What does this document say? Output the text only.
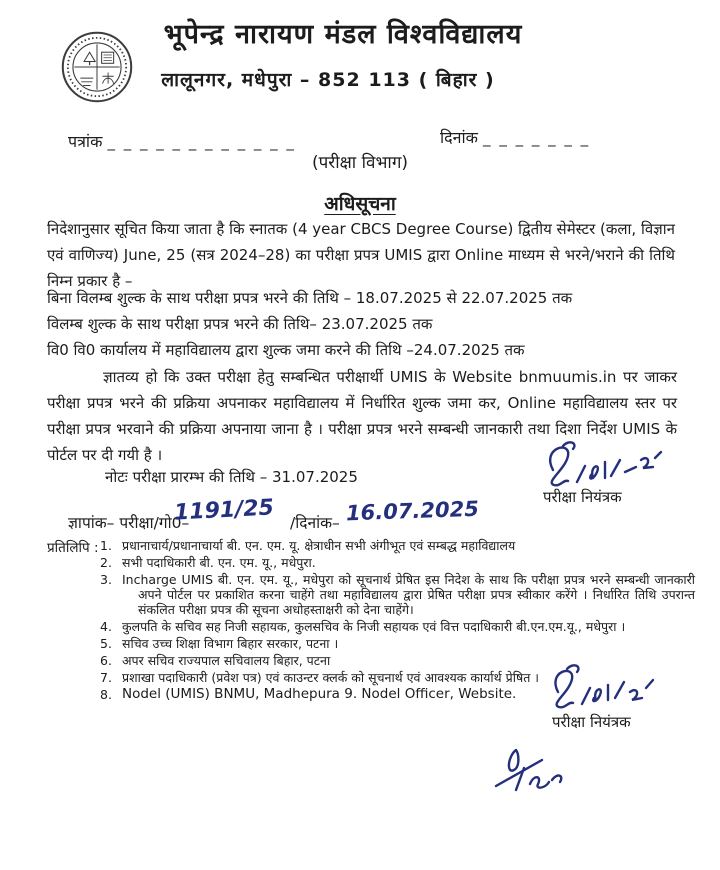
भूपेन्द्र नारायण मंडल विश्वविद्यालय
लालूनगर, मधेपुरा – 852 113 ( बिहार )
पत्रांक _ _ _ _ _ _ _ _ _ _ _ _	दिनांक _ _ _ _ _ _ _
(परीक्षा विभाग)
अधिसूचना
निदेशानुसार सूचित किया जाता है कि स्नातक (4 year CBCS Degree Course) द्वितीय सेमेस्टर (कला, विज्ञान एवं वाणिज्य) June, 25 (सत्र 2024–28) का परीक्षा प्रपत्र UMIS द्वारा Online माध्यम से भरने/भराने की तिथि निम्न प्रकार है –
बिना विलम्ब शुल्क के साथ परीक्षा प्रपत्र भरने की तिथि – 18.07.2025 से 22.07.2025 तक
विलम्ब शुल्क के साथ परीक्षा प्रपत्र भरने की तिथि– 23.07.2025 तक
वि0 वि0 कार्यालय में महाविद्यालय द्वारा शुल्क जमा करने की तिथि –24.07.2025 तक
ज्ञातव्य हो कि उक्त परीक्षा हेतु सम्बन्धित परीक्षार्थी UMIS के Website bnmuumis.in पर जाकर परीक्षा प्रपत्र भरने की प्रक्रिया अपनाकर महाविद्यालय में निर्धारित शुल्क जमा कर, Online महाविद्यालय स्तर पर परीक्षा प्रपत्र भरवाने की प्रक्रिया अपनाया जाना है । परीक्षा प्रपत्र भरने सम्बन्धी जानकारी तथा दिशा निर्देश UMIS के पोर्टल पर दी गयी है ।
नोटः परीक्षा प्रारम्भ की तिथि – 31.07.2025
परीक्षा नियंत्रक
ज्ञापांक– परीक्षा/गो0–
1191/25 /दिनांक– 16.07.2025
प्रतिलिपि : 1. प्रधानाचार्य/प्रधानाचार्या बी. एन. एम. यू. क्षेत्राधीन सभी अंगीभूत एवं सम्बद्ध महाविद्यालय
2. सभी पदाधिकारी बी. एन. एम. यू., मधेपुरा.
3. Incharge UMIS बी. एन. एम. यू., मधेपुरा को सूचनार्थ प्रेषित इस निदेश के साथ कि परीक्षा प्रपत्र भरने सम्बन्धी जानकारी अपने पोर्टल पर प्रकाशित करना चाहेंगे तथा महाविद्यालय द्वारा प्रेषित परीक्षा प्रपत्र स्वीकार करेंगे । निर्धारित तिथि उपरान्त संकलित परीक्षा प्रपत्र की सूचना अधोहस्ताक्षरी को देना चाहेंगे।
4. कुलपति के सचिव सह निजी सहायक, कुलसचिव के निजी सहायक एवं वित्त पदाधिकारी बी.एन.एम.यू., मधेपुरा ।
5. सचिव उच्च शिक्षा विभाग बिहार सरकार, पटना ।
6. अपर सचिव राज्यपाल सचिवालय बिहार, पटना
7. प्रशाखा पदाधिकारी (प्रवेश पत्र) एवं काउन्टर क्लर्क को सूचनार्थ एवं आवश्यक कार्यार्थ प्रेषित ।
8. Nodel (UMIS) BNMU, Madhepura 9. Nodel Officer, Website.
परीक्षा नियंत्रक
